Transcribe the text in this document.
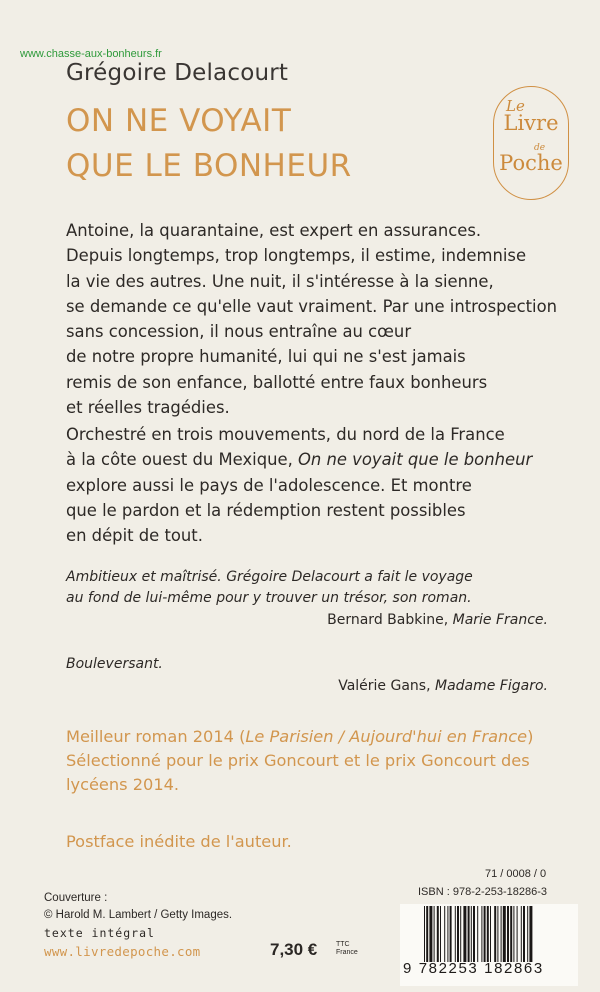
www.chasse-aux-bonheurs.fr
Grégoire Delacourt
ON NE VOYAIT
QUE LE BONHEUR
Le
Livre
de
Poche
Antoine, la quarantaine, est expert en assurances.
Depuis longtemps, trop longtemps, il estime, indemnise
la vie des autres. Une nuit, il s'intéresse à la sienne,
se demande ce qu'elle vaut vraiment. Par une introspection
sans concession, il nous entraîne au cœur
de notre propre humanité, lui qui ne s'est jamais
remis de son enfance, ballotté entre faux bonheurs
et réelles tragédies.
Orchestré en trois mouvements, du nord de la France
à la côte ouest du Mexique, On ne voyait que le bonheur
explore aussi le pays de l'adolescence. Et montre
que le pardon et la rédemption restent possibles
en dépit de tout.
Ambitieux et maîtrisé. Grégoire Delacourt a fait le voyage
au fond de lui-même pour y trouver un trésor, son roman.
Bernard Babkine, Marie France.
Bouleversant.
Valérie Gans, Madame Figaro.
Meilleur roman 2014 (Le Parisien / Aujourd'hui en France)
Sélectionné pour le prix Goncourt et le prix Goncourt des
lycéens 2014.
Postface inédite de l'auteur.
Couverture :
© Harold M. Lambert / Getty Images.
texte intégral
www.livredepoche.com	7,30 €	TTC
France
71 / 0008 / 0
ISBN : 978-2-253-18286-3
9 782253 182863
